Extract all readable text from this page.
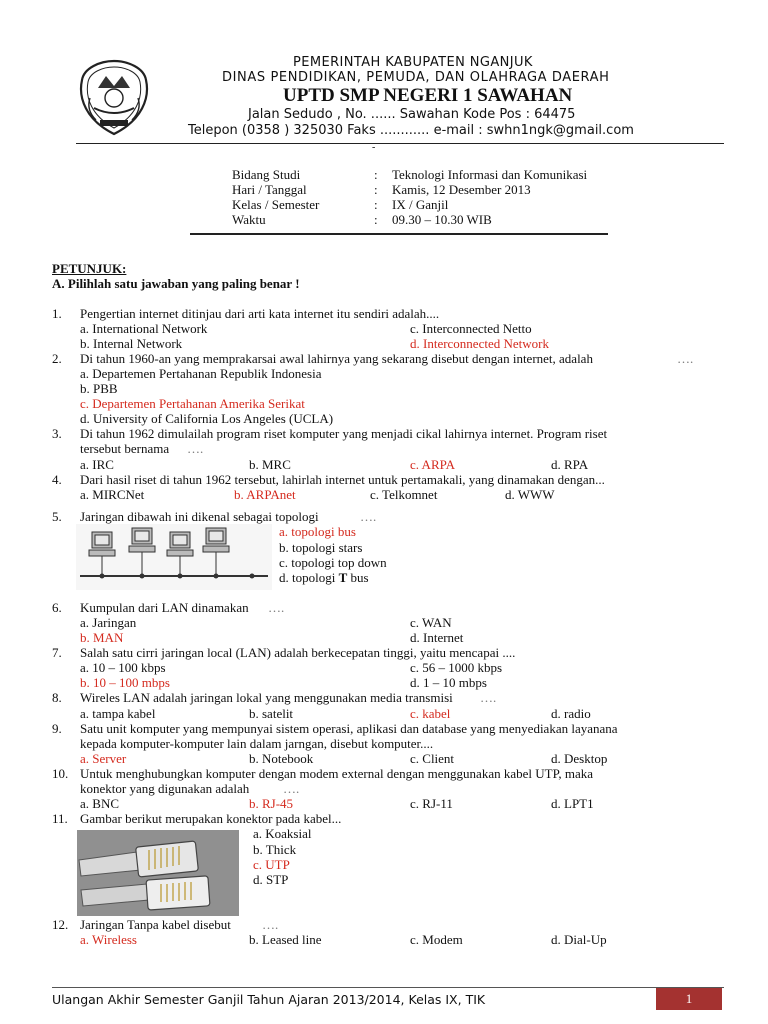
PEMERINTAH KABUPATEN NGANJUK
DINAS PENDIDIKAN, PEMUDA, DAN OLAHRAGA DAERAH
UPTD SMP NEGERI 1 SAWAHAN
Jalan Sedudo , No. ...... Sawahan Kode Pos : 64475
Telepon (0358 ) 325030 Faks ............ e-mail : swhn1ngk@gmail.com
-
Bidang Studi	: Teknologi Informasi dan Komunikasi
Hari / Tanggal	: Kamis, 12 Desember 2013
Kelas / Semester	: IX / Ganjil
Waktu	: 09.30 – 10.30 WIB
PETUNJUK:
A. Pilihlah satu jawaban yang paling benar !
1. Pengertian internet ditinjau dari arti kata internet itu sendiri adalah....
a. International Network
b. Internal Network
c. Interconnected Netto
d. Interconnected Network
2. Di tahun 1960-an yang memprakarsai awal lahirnya yang sekarang disebut dengan internet, adalah	….
a. Departemen Pertahanan Republik Indonesia
b. PBB
c. Departemen Pertahanan Amerika Serikat
d. University of California Los Angeles (UCLA)
3. Di tahun 1962 dimulailah program riset komputer yang menjadi cikal lahirnya internet. Program riset
tersebut bernama ….
a. IRC	b. MRC	c. ARPA	d. RPA
4. Dari hasil riset di tahun 1962 tersebut, lahirlah internet untuk pertamakali, yang dinamakan dengan...
a. MIRCNet	b. ARPAnet	c. Telkomnet	d. WWW
5. Jaringan dibawah ini dikenal sebagai topologi	….
a. topologi bus
b. topologi stars
c. topologi top down
d. topologi T bus
6. Kumpulan dari LAN dinamakan ….
a. Jaringan
b. MAN
c. WAN
d. Internet
7. Salah satu cirri jaringan local (LAN) adalah berkecepatan tinggi, yaitu mencapai ....
a. 10 – 100 kbps
b. 10 – 100 mbps
c. 56 – 1000 kbps
d. 1 – 10 mbps
8. Wireles LAN adalah jaringan lokal yang menggunakan media transmisi ….
a. tampa kabel	b. satelit	c. kabel	d. radio
9. Satu unit komputer yang mempunyai sistem operasi, aplikasi dan database yang menyediakan layanana
kepada komputer-komputer lain dalam jarngan, disebut komputer....
a. Server	b. Notebook	c. Client	d. Desktop
10. Untuk menghubungkan komputer dengan modem external dengan menggunakan kabel UTP, maka
konektor yang digunakan adalah	….
a. BNC	b. RJ-45	c. RJ-11	d. LPT1
11. Gambar berikut merupakan konektor pada kabel...
a. Koaksial
b. Thick
c. UTP
d. STP
12. Jaringan Tanpa kabel disebut ….
a. Wireless	b. Leased line	c. Modem	d. Dial-Up
Ulangan Akhir Semester Ganjil Tahun Ajaran 2013/2014, Kelas IX, TIK	1
